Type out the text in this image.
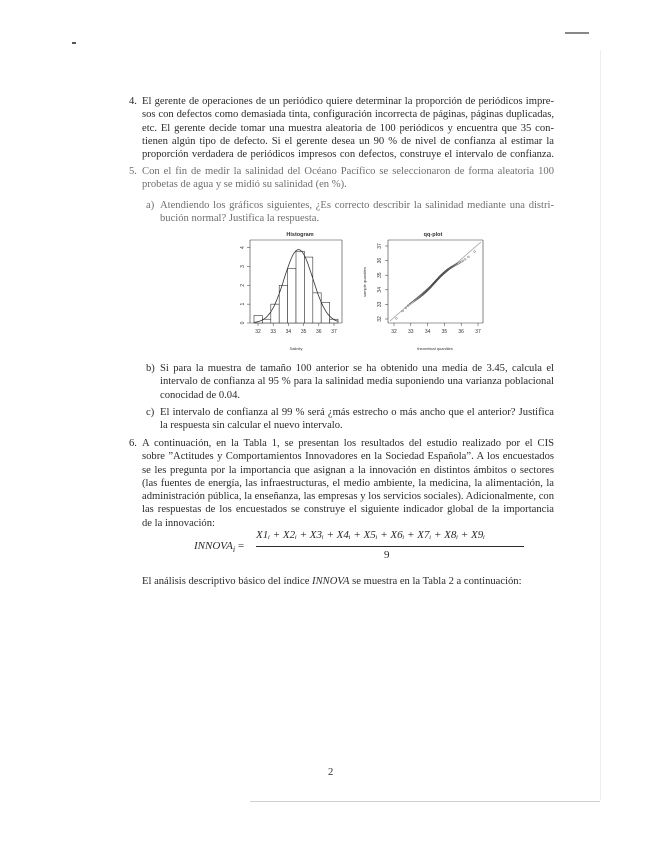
4. El gerente de operaciones de un periódico quiere determinar la proporción de periódicos impre-
sos con defectos como demasiada tinta, configuración incorrecta de páginas, páginas duplicadas,
etc. El gerente decide tomar una muestra aleatoria de 100 periódicos y encuentra que 35 con-
tienen algún tipo de defecto. Si el gerente desea un 90 % de nivel de confianza al estimar la
proporción verdadera de periódicos impresos con defectos, construye el intervalo de confianza.
5. Con el fin de medir la salinidad del Océano Pacífico se seleccionaron de forma aleatoria 100
probetas de agua y se midió su salinidad (en %).
a) Atendiendo los gráficos siguientes, ¿Es correcto describir la salinidad mediante una distri-
bución normal? Justifica la respuesta.
Histogram
32 33 34 35 36 37
0
1
2
3
4
Salinity
qq-plot
32 33 34 35 36 37
32
33
34
35
36
37
theoretical quantiles
sample quantiles
b) Si para la muestra de tamaño 100 anterior se ha obtenido una media de 3.45, calcula el
intervalo de confianza al 95 % para la salinidad media suponiendo una varianza poblacional
conocidad de 0.04.
c) El intervalo de confianza al 99 % será ¿más estrecho o más ancho que el anterior? Justifica
la respuesta sin calcular el nuevo intervalo.
6. A continuación, en la Tabla 1, se presentan los resultados del estudio realizado por el CIS
sobre ”Actitudes y Comportamientos Innovadores en la Sociedad Española”. A los encuestados
se les pregunta por la importancia que asignan a la innovación en distintos ámbitos o sectores
(las fuentes de energía, las infraestructuras, el medio ambiente, la medicina, la alimentación, la
administración pública, la enseñanza, las empresas y los servicios sociales). Adicionalmente, con
las respuestas de los encuestados se construye el siguiente indicador global de la importancia
de la innovación:
$INNOVA_i$ =
X1ᵢ + X2ᵢ + X3ᵢ + X4ᵢ + X5ᵢ + X6ᵢ + X7ᵢ + X8ᵢ + X9ᵢ
9
El análisis descriptivo básico del índice INNOVA se muestra en la Tabla 2 a continuación:
2
